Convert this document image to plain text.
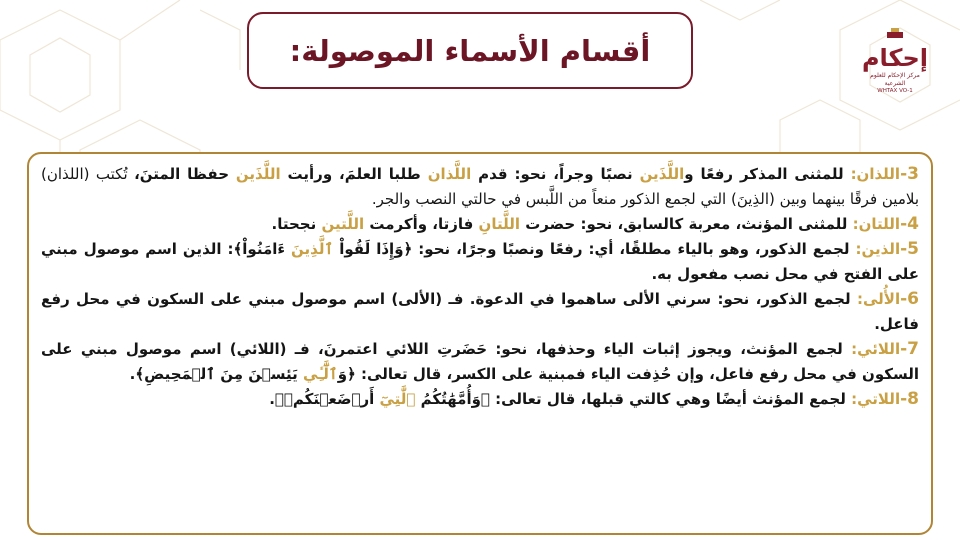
أقسام الأسماء الموصولة:	إحكام
مركز الإحكام للعلوم الشرعية
WHTAX VO-1

3-اللذان: للمثنى المذكر رفعًا واللَّذَين نصبًا وجراً، نحو: قدم اللَّذان طلبا العلمَ، ورأيت اللَّذَين حفظا المتنَ، تُكتب (اللذان) بلامين فرقًا بينهما وبين (الذِينَ) التي لجمع الذكور منعاً من اللَّبس في حالتي النصب والجر.

4-اللتان: للمثنى المؤنث، معربة كالسابق، نحو: حضرت اللَّتانِ فازتا، وأكرمت اللَّتين نجحتا.

5-الذين: لجمع الذكور، وهو بالياء مطلقًا، أي: رفعًا ونصبًا وجرًا، نحو: ﴿وَإِذَا لَقُواْ ٱلَّذِينَ ءَامَنُواْ﴾: الذين اسم موصول مبني على الفتح في محل نصب مفعول به.

6-الأُلى: لجمع الذكور، نحو: سرني الألى ساهموا في الدعوة. فـ (الألى) اسم موصول مبني على السكون في محل رفع فاعل.

7-اللائي: لجمع المؤنث، ويجوز إثبات الياء وحذفها، نحو: حَضَرتِ اللائي اعتمرنَ، فـ (اللائي) اسم موصول مبني على السكون في محل رفع فاعل، وإن حُذِفت الياء فمبنية على الكسر، قال تعالى: ﴿وَٱلَّٰٓـِٔي يَئِسۡنَ مِنَ ٱلۡمَحِيضِ﴾.

8-اللاتي: لجمع المؤنث أيضًا وهي كالتي قبلها، قال تعالى: ﴿وَأُمَّهَٰتُكُمُ ٱلَّٰتِيٓ أَرۡضَعۡنَكُمۡ﴾.
